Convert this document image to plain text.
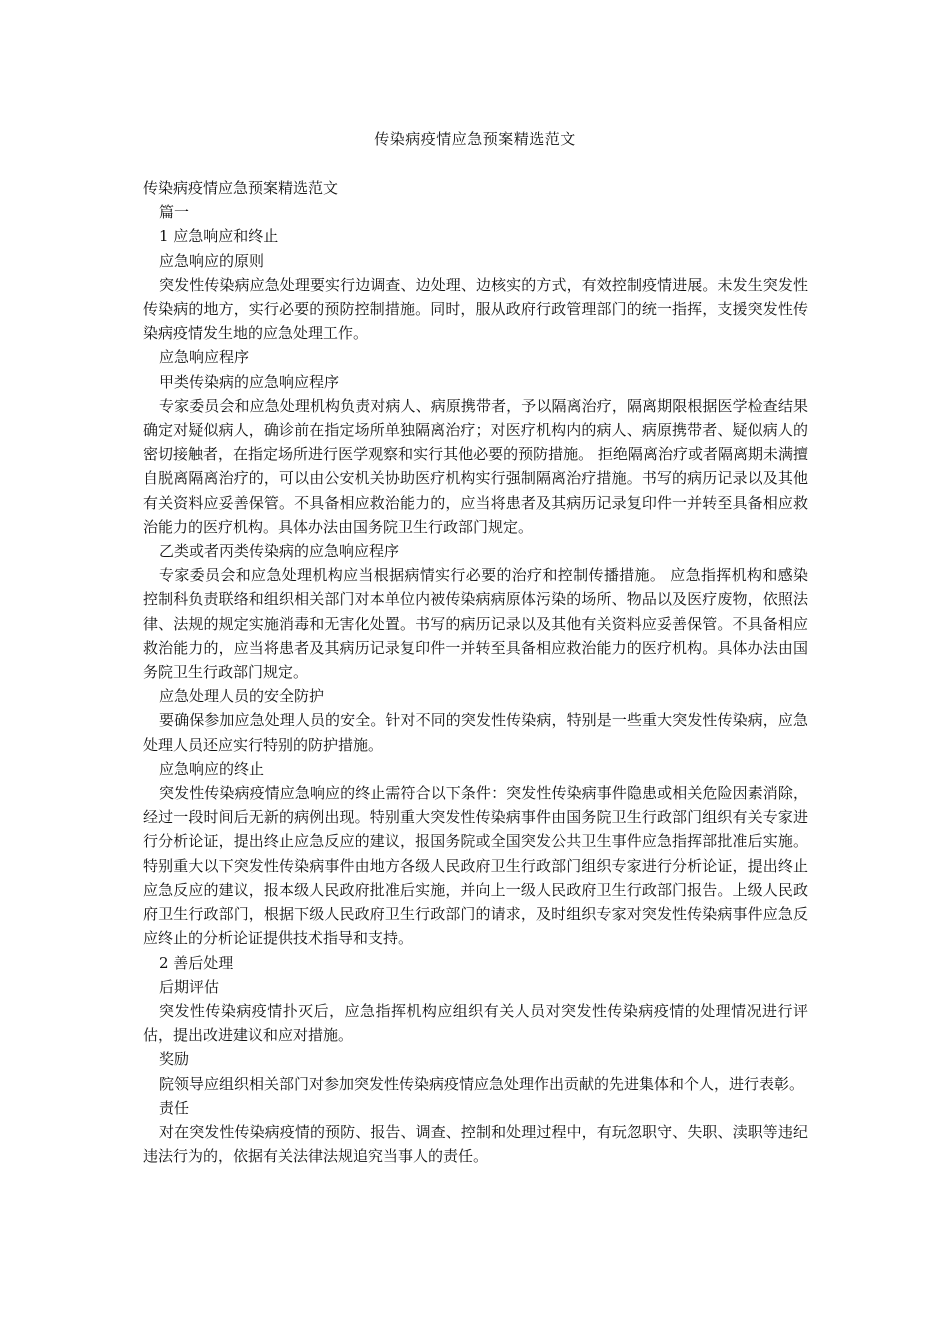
传染病疫情应急预案精选范文

传染病疫情应急预案精选范文

篇一

1 应急响应和终止

应急响应的原则

突发性传染病应急处理要实行边调查、边处理、边核实的方式，有效控制疫情进展。未发生突发性传染病的地方，实行必要的预防控制措施。同时，服从政府行政管理部门的统一指挥，支援突发性传染病疫情发生地的应急处理工作。

应急响应程序

甲类传染病的应急响应程序

专家委员会和应急处理机构负责对病人、病原携带者，予以隔离治疗，隔离期限根据医学检查结果确定对疑似病人，确诊前在指定场所单独隔离治疗；对医疗机构内的病人、病原携带者、疑似病人的密切接触者，在指定场所进行医学观察和实行其他必要的预防措施。 拒绝隔离治疗或者隔离期未满擅自脱离隔离治疗的，可以由公安机关协助医疗机构实行强制隔离治疗措施。书写的病历记录以及其他有关资料应妥善保管。不具备相应救治能力的，应当将患者及其病历记录复印件一并转至具备相应救治能力的医疗机构。具体办法由国务院卫生行政部门规定。

乙类或者丙类传染病的应急响应程序

专家委员会和应急处理机构应当根据病情实行必要的治疗和控制传播措施。 应急指挥机构和感染控制科负责联络和组织相关部门对本单位内被传染病病原体污染的场所、物品以及医疗废物，依照法律、法规的规定实施消毒和无害化处置。书写的病历记录以及其他有关资料应妥善保管。不具备相应救治能力的，应当将患者及其病历记录复印件一并转至具备相应救治能力的医疗机构。具体办法由国务院卫生行政部门规定。

应急处理人员的安全防护

要确保参加应急处理人员的安全。针对不同的突发性传染病，特别是一些重大突发性传染病，应急处理人员还应实行特别的防护措施。

应急响应的终止

突发性传染病疫情应急响应的终止需符合以下条件：突发性传染病事件隐患或相关危险因素消除，经过一段时间后无新的病例出现。特别重大突发性传染病事件由国务院卫生行政部门组织有关专家进行分析论证，提出终止应急反应的建议，报国务院或全国突发公共卫生事件应急指挥部批准后实施。特别重大以下突发性传染病事件由地方各级人民政府卫生行政部门组织专家进行分析论证，提出终止应急反应的建议，报本级人民政府批准后实施，并向上一级人民政府卫生行政部门报告。上级人民政府卫生行政部门，根据下级人民政府卫生行政部门的请求，及时组织专家对突发性传染病事件应急反应终止的分析论证提供技术指导和支持。

2 善后处理

后期评估

突发性传染病疫情扑灭后，应急指挥机构应组织有关人员对突发性传染病疫情的处理情况进行评估，提出改进建议和应对措施。

奖励

院领导应组织相关部门对参加突发性传染病疫情应急处理作出贡献的先进集体和个人，进行表彰。

责任

对在突发性传染病疫情的预防、报告、调查、控制和处理过程中，有玩忽职守、失职、渎职等违纪违法行为的，依据有关法律法规追究当事人的责任。
